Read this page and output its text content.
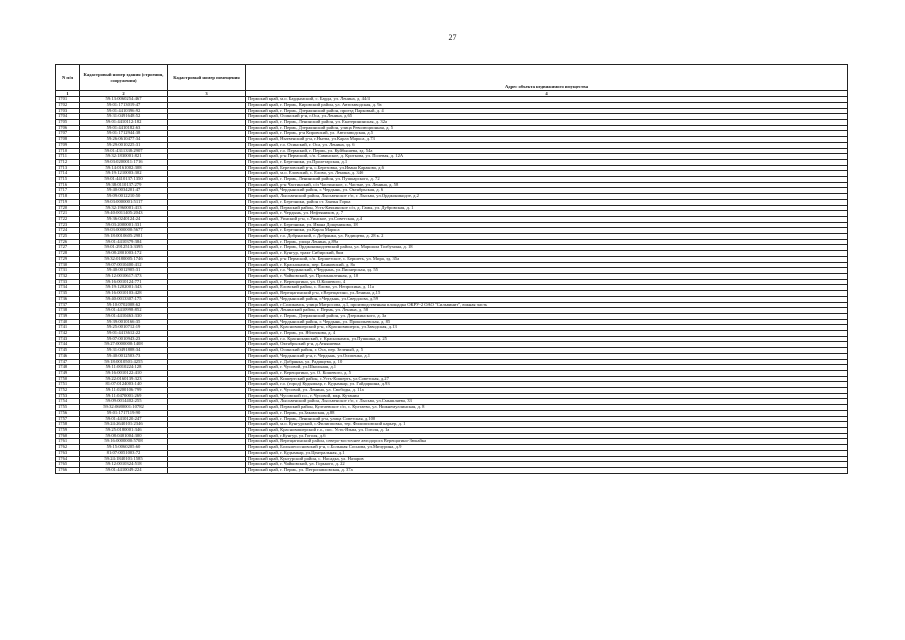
27
N п/п	Кадастровый номер здания (строения, сооружения)	Кадастровый номер помещения	Адрес объекта недвижимого имущества
1	2	3	4
1701	59:13:0060254:467		Пермский край, м.о. Бардымский, с. Барда, ул. Ленина, д. 44/4
1702	59:01:1713019:47		Пермский край, г. Пермь, Кировский район, ул. Автозаводская, д. 9а
1703	59:01:4410396:92		Пермский край, г. Пермь, Дзержинский район, проезд Парковый, д. 4
1704	59:31:0491648:52		Пермский край, Осинский р-н, г.Оса, ул.Ленина, д.65
1705	59:01:4410112:182		Пермский край, г. Пермь, Ленинский район, ул. Екатерининская, д. 32а
1706	59:01:4410182:63		Пермский край, г. Пермь, Дзержинский район, улица Революционная, д. 5
1707	59:01:1712944:38		Пермский край, г. Пермь, р-н Кировский, ул. Автозаводская, д.5
1708	59:26:0610477:34		Пермский край, Нытвенский р-н, г.Нытва, ул.Карла Маркса, д.73
1709	59:29:0010225:31		Пермский край, г.о. Осинский, г. Оса, ул. Ленина, зд. 6
1710	59:01:4311338:2907		Пермский край, г.о. Пермский, г. Пермь, ул. Куйбышева, зд. 54а
1711	59:32:1830001:821		Пермский край, р-н Пермский, с/п. Савинское, д. Кроткова, ул. Полевая, д. 12А
1712	59:03:0200011:1716		Пермский край, г. Березники, ул.Пролетарская, д.1
1713	59:14:0161002:308		Пермский край, Березовский р-н, с.Березовка, ул.Ивана Каракова, д.6
1714	59:19:1210003:302		Пермский край, м.о. Еловский, с. Елово, ул. Ленина, д. 34б
1715	59:01:4410137:1350		Пермский край, г. Пермь, Ленинский район, ул. Пушкарского, д. 72
1716	59:38:0110137:279		Пермский край, р-н Частинский, с/п Частинское, с. Частые, ул. Ленина, д. 58
1717	59:40:0034201:47		Пермский край, Чердынский район, г. Чердынь, ул. Октябрьская, д. 6
1718	59:09:0012210:50		Пермский край, Лысьвенский район, Лысьвенское г/п, г. Лысьва, ул.Орджоникидзе, д.2
1719	59:03:0000001:5117		Пермский край, г. Березники, район ст. Заячья Горка
1720	59:32:1960001:413		Пермский край, Пермский район, Усть-Качкинское с/п, д. Гамы, ул. Дубровская, д. 1
1721	59:40:0011405:2043		Пермский край, г. Чердынь, ул. Нефтяников, д. 7
1722	59:36:0240124:24		Пермский край, Уинский р-н, с.Уинское, ул.Советская, д.4
1723	59:03:2000001:331		Пермский край, г. Березники, ул. Ивана Дощеникова, 18
1724	59:03:0000000:5677		Пермский край, г. Березники, ул.Карла Маркса
1725	59:18:0010605:2981		Пермский край, г.о. Добрянский, г. Добрянка, ул. Радищева, д. 28 к. 2
1726	59:01:4410379:384		Пермский край, г. Пермь, улица Ленина, д.89а
1727	59:01:2912513:3395		Пермский край, г. Пермь, Орджоникидзевский район, ул. Маршала Толбухина, д. 18
1728	59:08:2801003:172		Пермский край, г. Кунгур, тракт Сибирский, 8км
1729	59:32:0180005:1746		Пермский край, р-н Пермский, с/п. Бершетское, с. Бершеть, ул. Мира, зд. 35а
1730	59:07:0010400:412		Пермский край, г. Краснокамск, пер. Банковский, д. 8а
1731	59:40:0012905:31		Пермский край, г.о. Чердынский, г.Чердынь, ул.Пионерская, зд. 55
1732	59:12:0010617:373		Пермский край, г. Чайковский, ул. Промышленная, д. 10
1733	59:16:0010124:771		Пермский край, г. Верещагино, ул. О.Кошевого, 4
1734	59:19:1202001:343		Пермский край, Еловский район, с. Елово, ул. Непрохина, д. 11а
1735	59:16:0010103:428		Пермский край, Верещагинский р-н, г.Верещагино, ул.Ленина, д.15
1736	59:40:0013307:175		Пермский край, Чердынский район, г.Чердынь, ул.Свердлова, д.59
1737	59:10:0702008:62		Пермский край, г.Соликамск, улица Матросова, д.1, производственная площадка ОКРУ-2 ОАО "Сильвинит", южная часть
1738	59:01:4410998:852		Пермский край, Ленинский район, г. Пермь, ул. Ленина, д. 58
1739	59:01:4410463:330		Пермский край, г. Пермь, Дзержинский район, ул. Дзержинского, д. 3а
1740	59:39:0010166:35		Пермский край, Чердынский район, г. Чердынь, ул. Прокопьевская, д. 85
1741	59:25:0010712:19		Пермский край, Красновишерский р-н, г.Красновишерск, ул.Заводская, д.13
1742	59:01:4413612:22		Пермский край, г. Пермь, ул. Яблочкова, д. 4
1743	59:07:0010943:23		Пермский край, г.о. Краснокамский, г. Краснокамск, ул.Пушкина, д. 25
1744	59:27:0000000:1408		Пермский край, Октябрьский р-н, д.Атняшевка
1745	59:31:0491808:34		Пермский край, Осинский район, г. Оса, пер. Зеленый, д. 5
1746	59:40:0012503:73		Пермский край, Чердынский р-н, г. Чердынь, ул.Осипенко, д.1
1747	59:18:0010501:4255		Пермский край, г. Добрянка, ул. Радищева, д. 10
1748	59:11:0010224:128		Пермский край, г. Чусовой, ул.Школьная, д.1
1749	59:16:0010122:410		Пермский край, г. Верещагино, ул. О. Кошевого, д. 5
1750	59:22:0160139:323		Пермский край, Кишертский район, с.Усть-Кишерть, ул.Советская, д.27
1751	81:07:0124003:140		Пермский край, г.о. (город) Кудымкар, г. Кудымкар, ул. Гайдаркина, д.93
1752	59:11:0200106:799		Пермский край, г. Чусовой, ул. Ленина, ул. Свободы, д. 11а
1753	59:11:0470001:269		Пермский край, Чусовской г.о., г. Чусовой, мкр. Кутанин
1754	59:09:0014402:255		Пермский край, Лысьвенский район, Лысьвенское г/п, г. Лысьва, ул.Смышляева, 33
1755	59:32:0680001:10782		Пермский край, Пермский район, Култаевское с/п, с. Култаево, ул. Нижнемуллинская, д. 8
1756	59:01:1717119:90		Пермский край, г. Пермь, ул.Закамская, д.88
1757	59:01:4410120:247		Пермский край, г. Пермь, Ленинский р-н, улица Советская, д.100
1758	59:24:2640101:2346		Пермский край, м.о. Кунгурский, с.Филипповка, тер. Филипповский карьер, д. 1
1759	59:25:0180001:346		Пермский край, Красновишерский г.о., пос. Усть-Язьва, ул. Гоголя, д. 1а
1760	59:08:0401004:300		Пермский край, г.Кунгур, ул.Гоголя, д.6
1761	59:16:0000000:5708		Пермский край, Верещагинский район, северо-восточнее автодорога Верещагино-Зюкайка
1762	59:15:0060205:60		Пермский край, Большесосновский р-н, с.Большая Соснова, ул.Мичурина, д.9
1763	81:07:0051003:72		Пермский край, г. Кудымкар, ул.Центральная, д.1
1764	59:24:1840101:1585		Пермский край, Кунгурский район, с. Насадка, ул. Назаров
1765	59:12:0010324:518		Пермский край, г. Чайковский, ул. Горького, д. 22
1766	59:01:4410049:224		Пермский край, г. Пермь, ул. Петропавловская, д. 37а
